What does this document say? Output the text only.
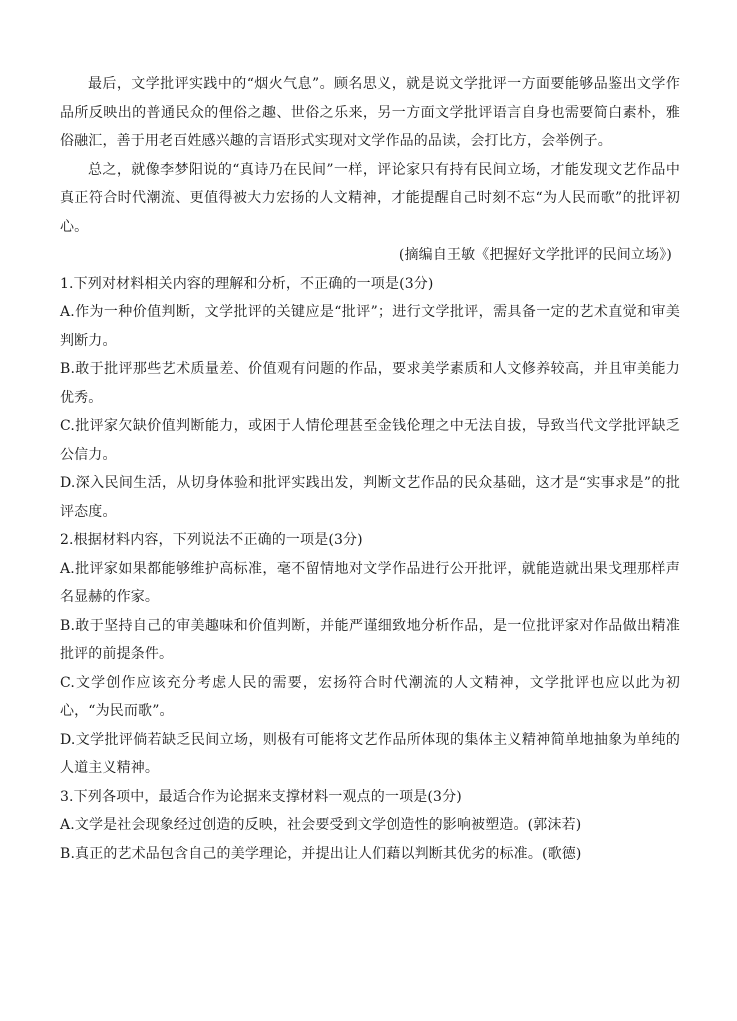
最后，文学批评实践中的“烟火气息”。顾名思义，就是说文学批评一方面要能够品鉴出文学作品所反映出的普通民众的俚俗之趣、世俗之乐来，另一方面文学批评语言自身也需要简白素朴，雅俗融汇，善于用老百姓感兴趣的言语形式实现对文学作品的品读，会打比方，会举例子。

总之，就像李梦阳说的“真诗乃在民间”一样，评论家只有持有民间立场，才能发现文艺作品中真正符合时代潮流、更值得被大力宏扬的人文精神，才能提醒自己时刻不忘“为人民而歌”的批评初心。

(摘编自王敏《把握好文学批评的民间立场》)

1.下列对材料相关内容的理解和分析，不正确的一项是(3分)

A.作为一种价值判断，文学批评的关键应是“批评”；进行文学批评，需具备一定的艺术直觉和审美判断力。

B.敢于批评那些艺术质量差、价值观有问题的作品，要求美学素质和人文修养较高，并且审美能力优秀。

C.批评家欠缺价值判断能力，或困于人情伦理甚至金钱伦理之中无法自拔，导致当代文学批评缺乏公信力。

D.深入民间生活，从切身体验和批评实践出发，判断文艺作品的民众基础，这才是“实事求是”的批评态度。

2.根据材料内容，下列说法不正确的一项是(3分)

A.批评家如果都能够维护高标准，毫不留情地对文学作品进行公开批评，就能造就出果戈理那样声名显赫的作家。

B.敢于坚持自己的审美趣味和价值判断，并能严谨细致地分析作品，是一位批评家对作品做出精准批评的前提条件。

C.文学创作应该充分考虑人民的需要，宏扬符合时代潮流的人文精神，文学批评也应以此为初心，“为民而歌”。

D.文学批评倘若缺乏民间立场，则极有可能将文艺作品所体现的集体主义精神简单地抽象为单纯的人道主义精神。

3.下列各项中，最适合作为论据来支撑材料一观点的一项是(3分)

A.文学是社会现象经过创造的反映，社会要受到文学创造性的影响被塑造。(郭沫若)

B.真正的艺术品包含自己的美学理论，并提出让人们藉以判断其优劣的标准。(歌德)
